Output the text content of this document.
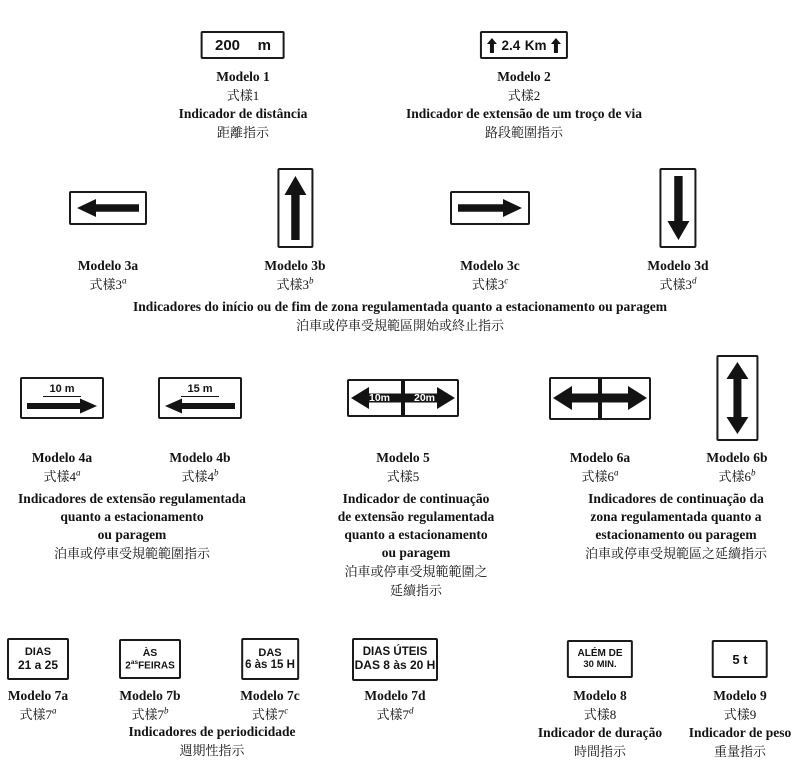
200 m
Modelo 1
式樣1
Indicador de distância
距離指示
2.4 Km
Modelo 2
式樣2
Indicador de extensão de um troço de via
路段範圍指示
Modelo 3a
式樣3$^a$
Modelo 3b
式樣3$^b$
Modelo 3c
式樣3$^c$
Modelo 3d
式樣3$^d$
Indicadores do início ou de fim de zona regulamentada quanto a estacionamento ou paragem
泊車或停車受規範區開始或終止指示
10 m
Modelo 4a
式樣4$^a$
15 m
Modelo 4b
式樣4$^b$
10m 20m
Modelo 5
式樣5
Modelo 6a
式樣6$^a$
Modelo 6b
式樣6$^b$
Indicadores de extensão regulamentada
quanto a estacionamento
ou paragem
泊車或停車受規範範圍指示
Indicador de continuação
de extensão regulamentada
quanto a estacionamento
ou paragem
泊車或停車受規範範圍之
延續指示
Indicadores de continuação da
zona regulamentada quanto a
estacionamento ou paragem
泊車或停車受規範區之延續指示
DIAS
21 a 25
Modelo 7a
式樣7$^a$
ÀS
$2^{as}FEIRAS$
Modelo 7b
式樣7$^b$
DAS
6 às 15 H
Modelo 7c
式樣7$^c$
DIAS ÚTEIS
DAS 8 às 20 H
Modelo 7d
式樣7$^d$
Indicadores de periodicidade
週期性指示
ALÉM DE
30 MIN.
Modelo 8
式樣8
Indicador de duração
時間指示
5 t
Modelo 9
式樣9
Indicador de peso
重量指示
